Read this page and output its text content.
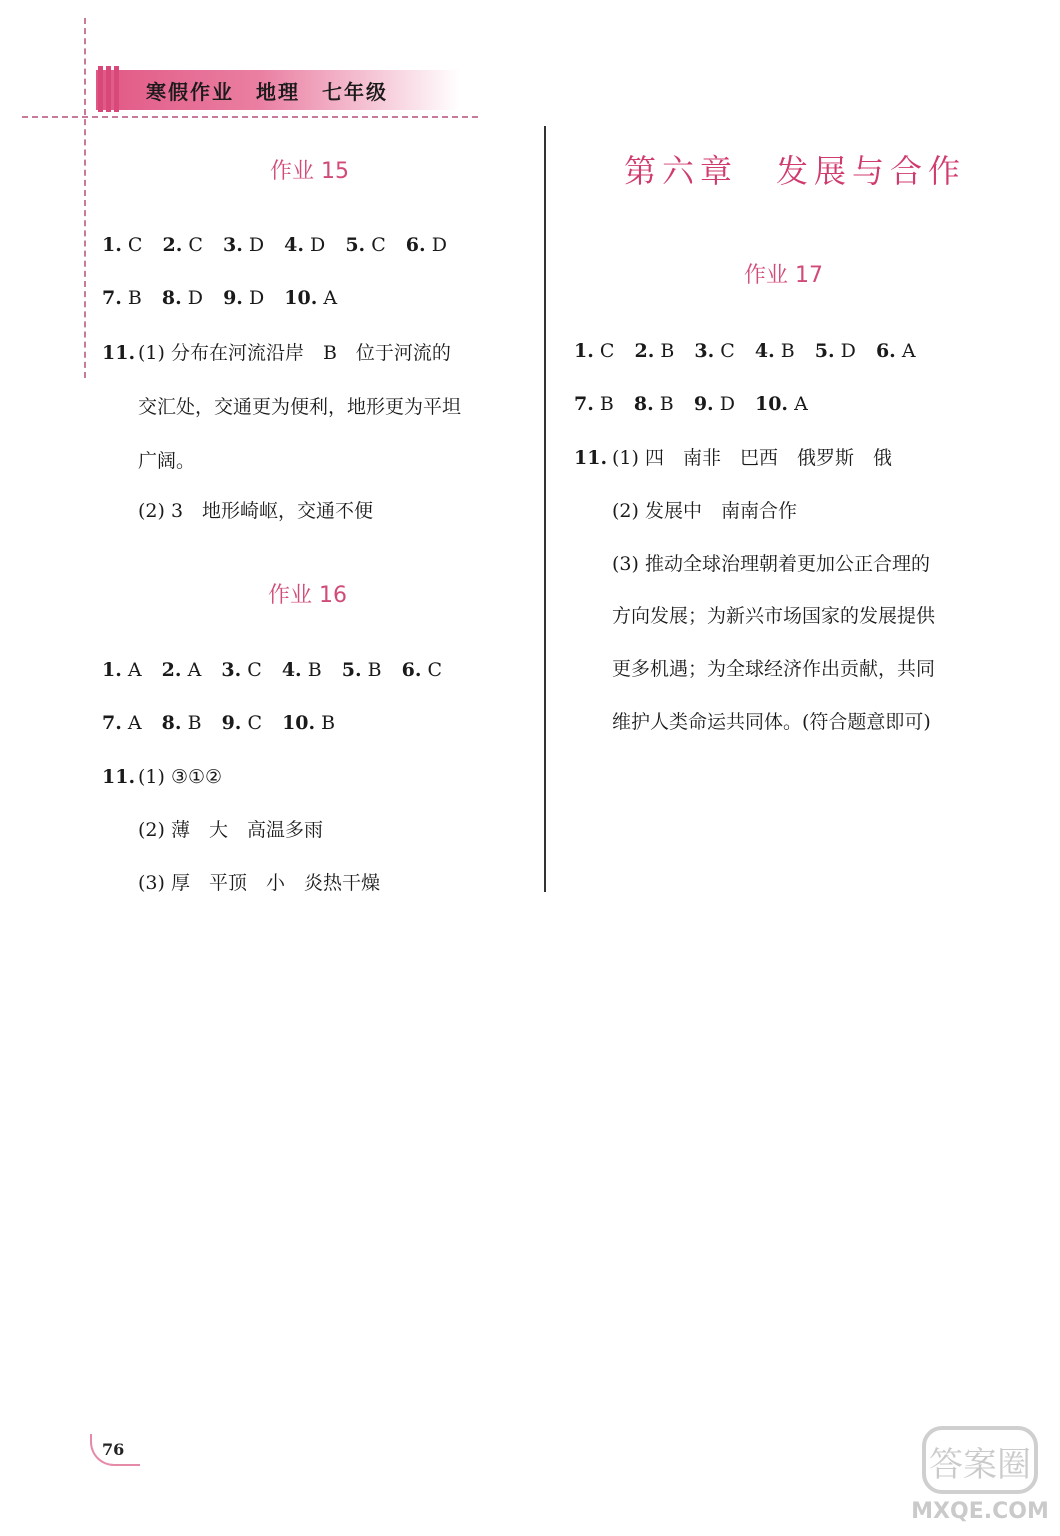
寒假作业　地理　七年级
作业 15
1. C 2. C 3. D 4. D 5. C 6. D
7. B 8. D 9. D 10. A
11. (1) 分布在河流沿岸　B　位于河流的
交汇处，交通更为便利，地形更为平坦
广阔。
(2) 3　地形崎岖，交通不便
作业 16
1. A 2. A 3. C 4. B 5. B 6. C
7. A 8. B 9. C 10. B
11. (1) ③①②
(2) 薄　大　高温多雨
(3) 厚　平顶　小　炎热干燥
第六章　发展与合作
作业 17
1. C 2. B 3. C 4. B 5. D 6. A
7. B 8. B 9. D 10. A
11. (1) 四　南非　巴西　俄罗斯　俄
(2) 发展中　南南合作
(3) 推动全球治理朝着更加公正合理的
方向发展；为新兴市场国家的发展提供
更多机遇；为全球经济作出贡献，共同
维护人类命运共同体。(符合题意即可)
76	答案圈
MXQE.COM
